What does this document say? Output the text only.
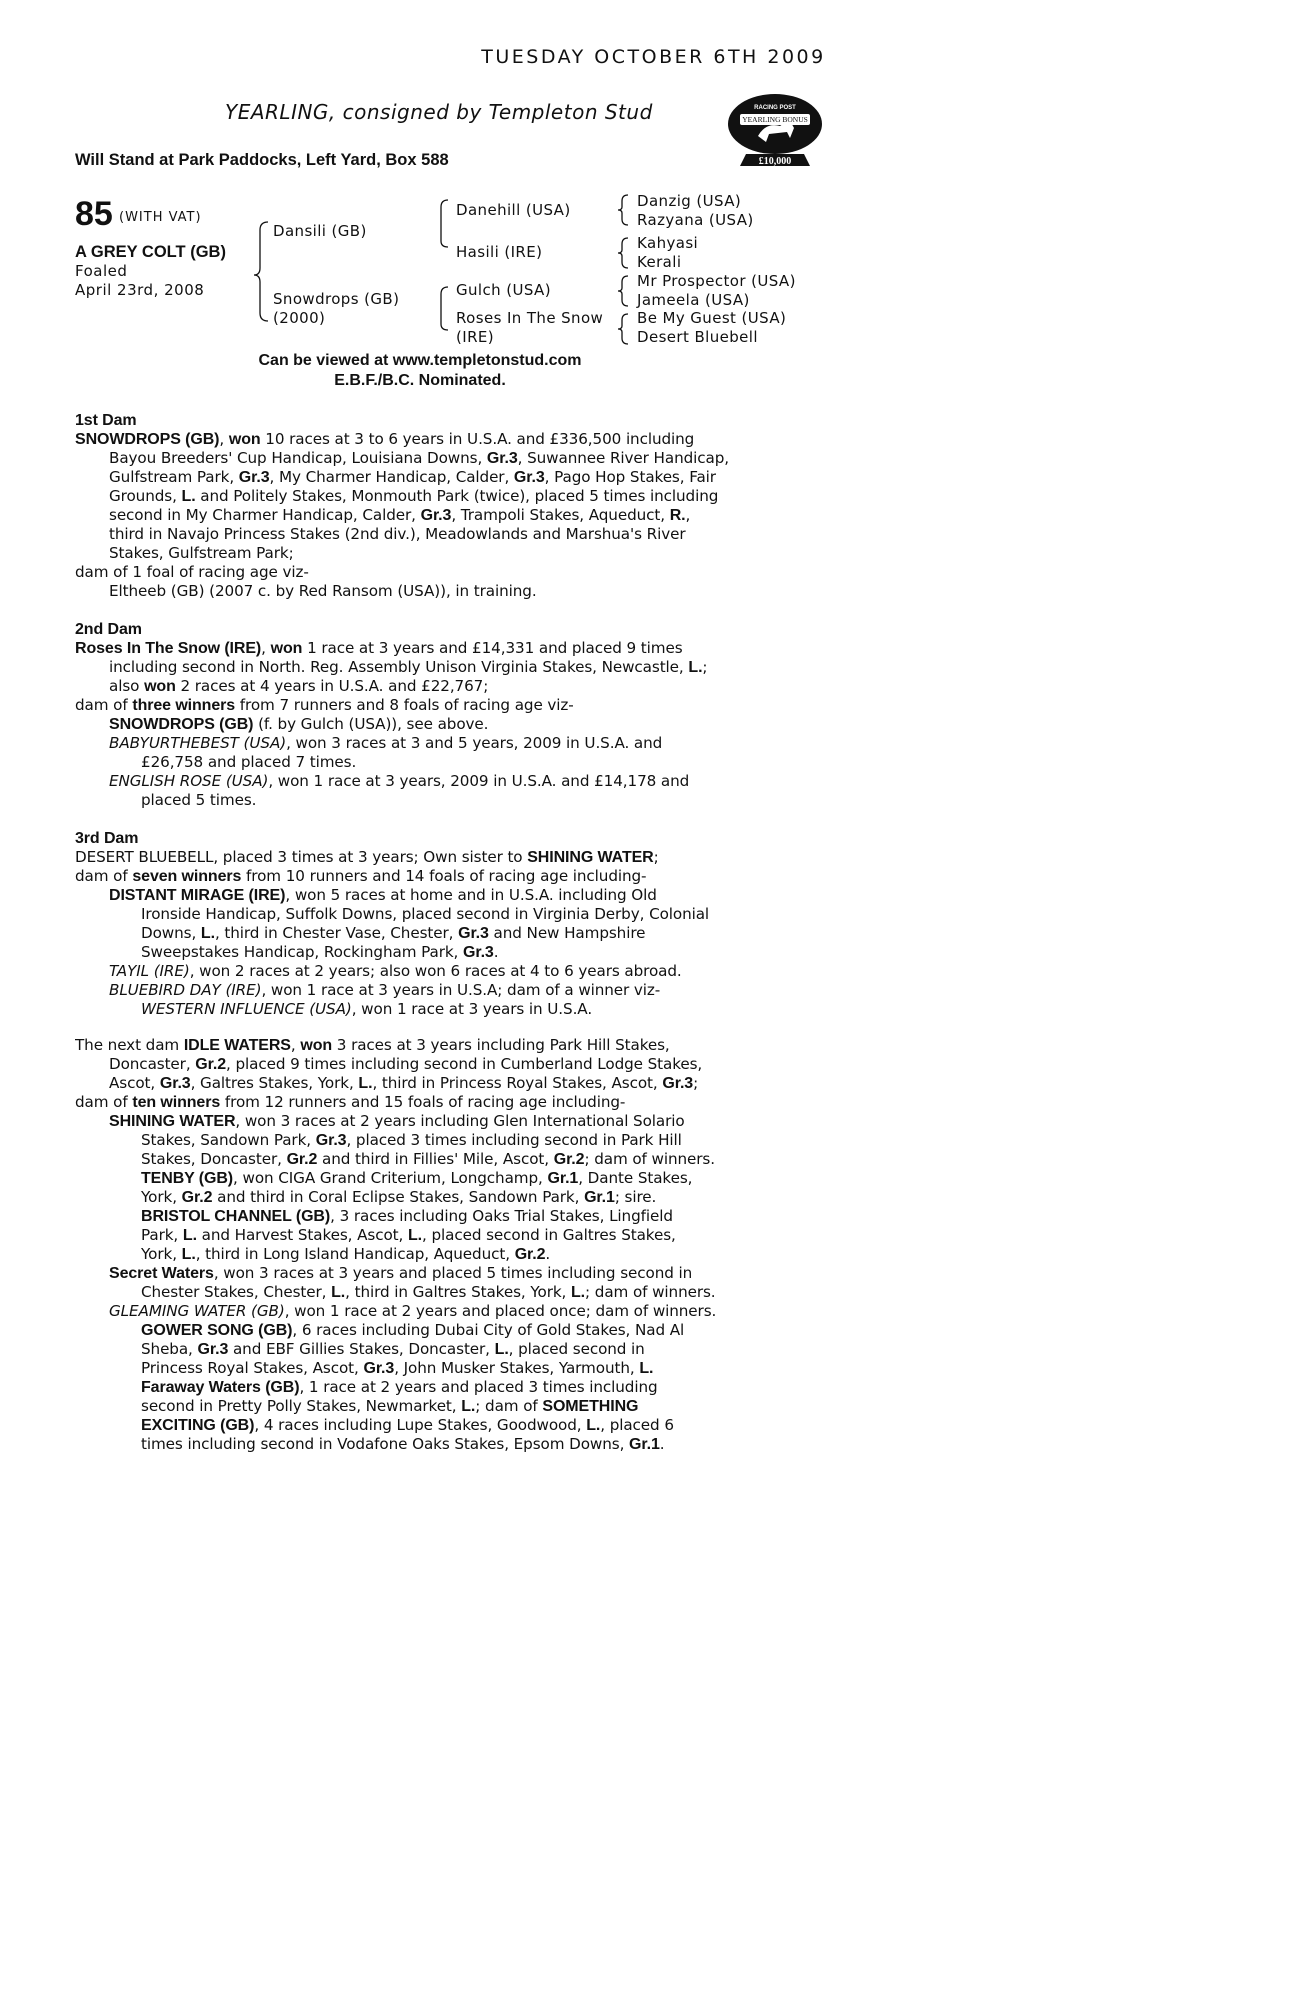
TUESDAY OCTOBER 6TH 2009
YEARLING, consigned by Templeton Stud
Will Stand at Park Paddocks, Left Yard, Box 588
RACING POST
YEARLING BONUS
£10,000
85 (WITH VAT)
A GREY COLT (GB)
Foaled
April 23rd, 2008
Dansili (GB)
Snowdrops (GB)
(2000)
Danehill (USA)
Hasili (IRE)
Gulch (USA)
Roses In The Snow
(IRE)
Danzig (USA)
Razyana (USA)
Kahyasi
Kerali
Mr Prospector (USA)
Jameela (USA)
Be My Guest (USA)
Desert Bluebell
Can be viewed at www.templetonstud.com
E.B.F./B.C. Nominated.
1st Dam
SNOWDROPS (GB), won 10 races at 3 to 6 years in U.S.A. and £336,500 including
Bayou Breeders' Cup Handicap, Louisiana Downs, Gr.3, Suwannee River Handicap,
Gulfstream Park, Gr.3, My Charmer Handicap, Calder, Gr.3, Pago Hop Stakes, Fair
Grounds, L. and Politely Stakes, Monmouth Park (twice), placed 5 times including
second in My Charmer Handicap, Calder, Gr.3, Trampoli Stakes, Aqueduct, R.,
third in Navajo Princess Stakes (2nd div.), Meadowlands and Marshua's River
Stakes, Gulfstream Park;
dam of 1 foal of racing age viz-
Eltheeb (GB) (2007 c. by Red Ransom (USA)), in training.
2nd Dam
Roses In The Snow (IRE), won 1 race at 3 years and £14,331 and placed 9 times
including second in North. Reg. Assembly Unison Virginia Stakes, Newcastle, L.;
also won 2 races at 4 years in U.S.A. and £22,767;
dam of three winners from 7 runners and 8 foals of racing age viz-
SNOWDROPS (GB) (f. by Gulch (USA)), see above.
BABYURTHEBEST (USA), won 3 races at 3 and 5 years, 2009 in U.S.A. and
£26,758 and placed 7 times.
ENGLISH ROSE (USA), won 1 race at 3 years, 2009 in U.S.A. and £14,178 and
placed 5 times.
3rd Dam
DESERT BLUEBELL, placed 3 times at 3 years; Own sister to SHINING WATER;
dam of seven winners from 10 runners and 14 foals of racing age including-
DISTANT MIRAGE (IRE), won 5 races at home and in U.S.A. including Old
Ironside Handicap, Suffolk Downs, placed second in Virginia Derby, Colonial
Downs, L., third in Chester Vase, Chester, Gr.3 and New Hampshire
Sweepstakes Handicap, Rockingham Park, Gr.3.
TAYIL (IRE), won 2 races at 2 years; also won 6 races at 4 to 6 years abroad.
BLUEBIRD DAY (IRE), won 1 race at 3 years in U.S.A; dam of a winner viz-
WESTERN INFLUENCE (USA), won 1 race at 3 years in U.S.A.
The next dam IDLE WATERS, won 3 races at 3 years including Park Hill Stakes,
Doncaster, Gr.2, placed 9 times including second in Cumberland Lodge Stakes,
Ascot, Gr.3, Galtres Stakes, York, L., third in Princess Royal Stakes, Ascot, Gr.3;
dam of ten winners from 12 runners and 15 foals of racing age including-
SHINING WATER, won 3 races at 2 years including Glen International Solario
Stakes, Sandown Park, Gr.3, placed 3 times including second in Park Hill
Stakes, Doncaster, Gr.2 and third in Fillies' Mile, Ascot, Gr.2; dam of winners.
TENBY (GB), won CIGA Grand Criterium, Longchamp, Gr.1, Dante Stakes,
York, Gr.2 and third in Coral Eclipse Stakes, Sandown Park, Gr.1; sire.
BRISTOL CHANNEL (GB), 3 races including Oaks Trial Stakes, Lingfield
Park, L. and Harvest Stakes, Ascot, L., placed second in Galtres Stakes,
York, L., third in Long Island Handicap, Aqueduct, Gr.2.
Secret Waters, won 3 races at 3 years and placed 5 times including second in
Chester Stakes, Chester, L., third in Galtres Stakes, York, L.; dam of winners.
GLEAMING WATER (GB), won 1 race at 2 years and placed once; dam of winners.
GOWER SONG (GB), 6 races including Dubai City of Gold Stakes, Nad Al
Sheba, Gr.3 and EBF Gillies Stakes, Doncaster, L., placed second in
Princess Royal Stakes, Ascot, Gr.3, John Musker Stakes, Yarmouth, L.
Faraway Waters (GB), 1 race at 2 years and placed 3 times including
second in Pretty Polly Stakes, Newmarket, L.; dam of SOMETHING
EXCITING (GB), 4 races including Lupe Stakes, Goodwood, L., placed 6
times including second in Vodafone Oaks Stakes, Epsom Downs, Gr.1.
